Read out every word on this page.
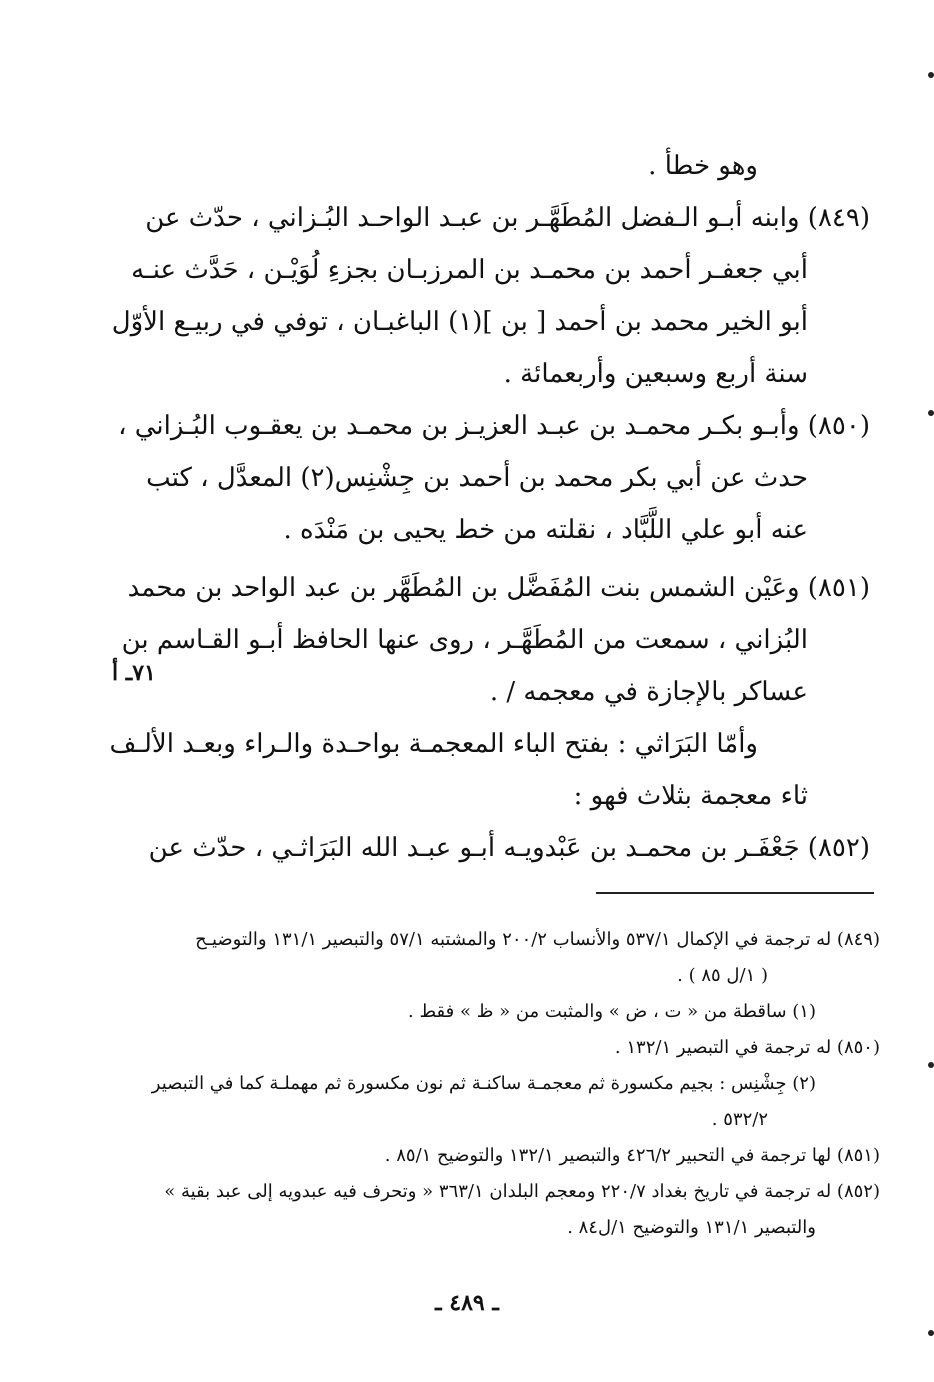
وهو خطأ .
(٨٤٩) وابنه أبـو الـفضل المُطَهَّـر بن عبـد الواحـد البُـزاني ، حدّث عن
أبي جعفـر أحمد بن محمـد بن المرزبـان بجزءِ لُوَيْـن ، حَدَّث عنـه
أبو الخير محمد بن أحمد [ بن ](١) الباغبـان ، توفي في ربيـع الأوّل
سنة أربع وسبعين وأربعمائة .
(٨٥٠) وأبـو بكـر محمـد بن عبـد العزيـز بن محمـد بن يعقـوب البُـزاني ،
حدث عن أبي بكر محمد بن أحمد بن جِشْنِس(٢) المعدَّل ، كتب
عنه أبو علي اللَّبَّاد ، نقلته من خط يحيى بن مَنْدَه .
(٨٥١) وعَيْن الشمس بنت المُفَضَّل بن المُطَهَّر بن عبد الواحد بن محمد
البُزاني ، سمعت من المُطَهَّـر ، روى عنها الحافظ أبـو القـاسم بن
عساكر بالإجازة في معجمه / .
وأمّا البَرَاثي : بفتح الباء المعجمـة بواحـدة والـراء وبعـد الألـف
ثاء معجمة بثلاث فهو :
(٨٥٢) جَعْفَـر بن محمـد بن عَبْدويـه أبـو عبـد الله البَرَاثـي ، حدّث عن
٧١ـ أ
(٨٤٩) له ترجمة في الإكمال ٥٣٧/١ والأنساب ٢٠٠/٢ والمشتبه ٥٧/١ والتبصير ١٣١/١ والتوضيـح
( ١/ل ٨٥ ) .
(١) ساقطة من « ت ، ض » والمثبت من « ظ » فقط .
(٨٥٠) له ترجمة في التبصير ١٣٢/١ .
(٢) جِشْنِس : بجيم مكسورة ثم معجمـة ساكنـة ثم نون مكسورة ثم مهملـة كما في التبصير
٥٣٢/٢ .
(٨٥١) لها ترجمة في التحبير ٤٢٦/٢ والتبصير ١٣٢/١ والتوضيح ٨٥/١ .
(٨٥٢) له ترجمة في تاريخ بغداد ٢٢٠/٧ ومعجم البلدان ٣٦٣/١ « وتحرف فيه عبدويه إلى عبد بقية »
والتبصير ١٣١/١ والتوضيح ١/ل٨٤ .
ـ ٤٨٩ ـ
